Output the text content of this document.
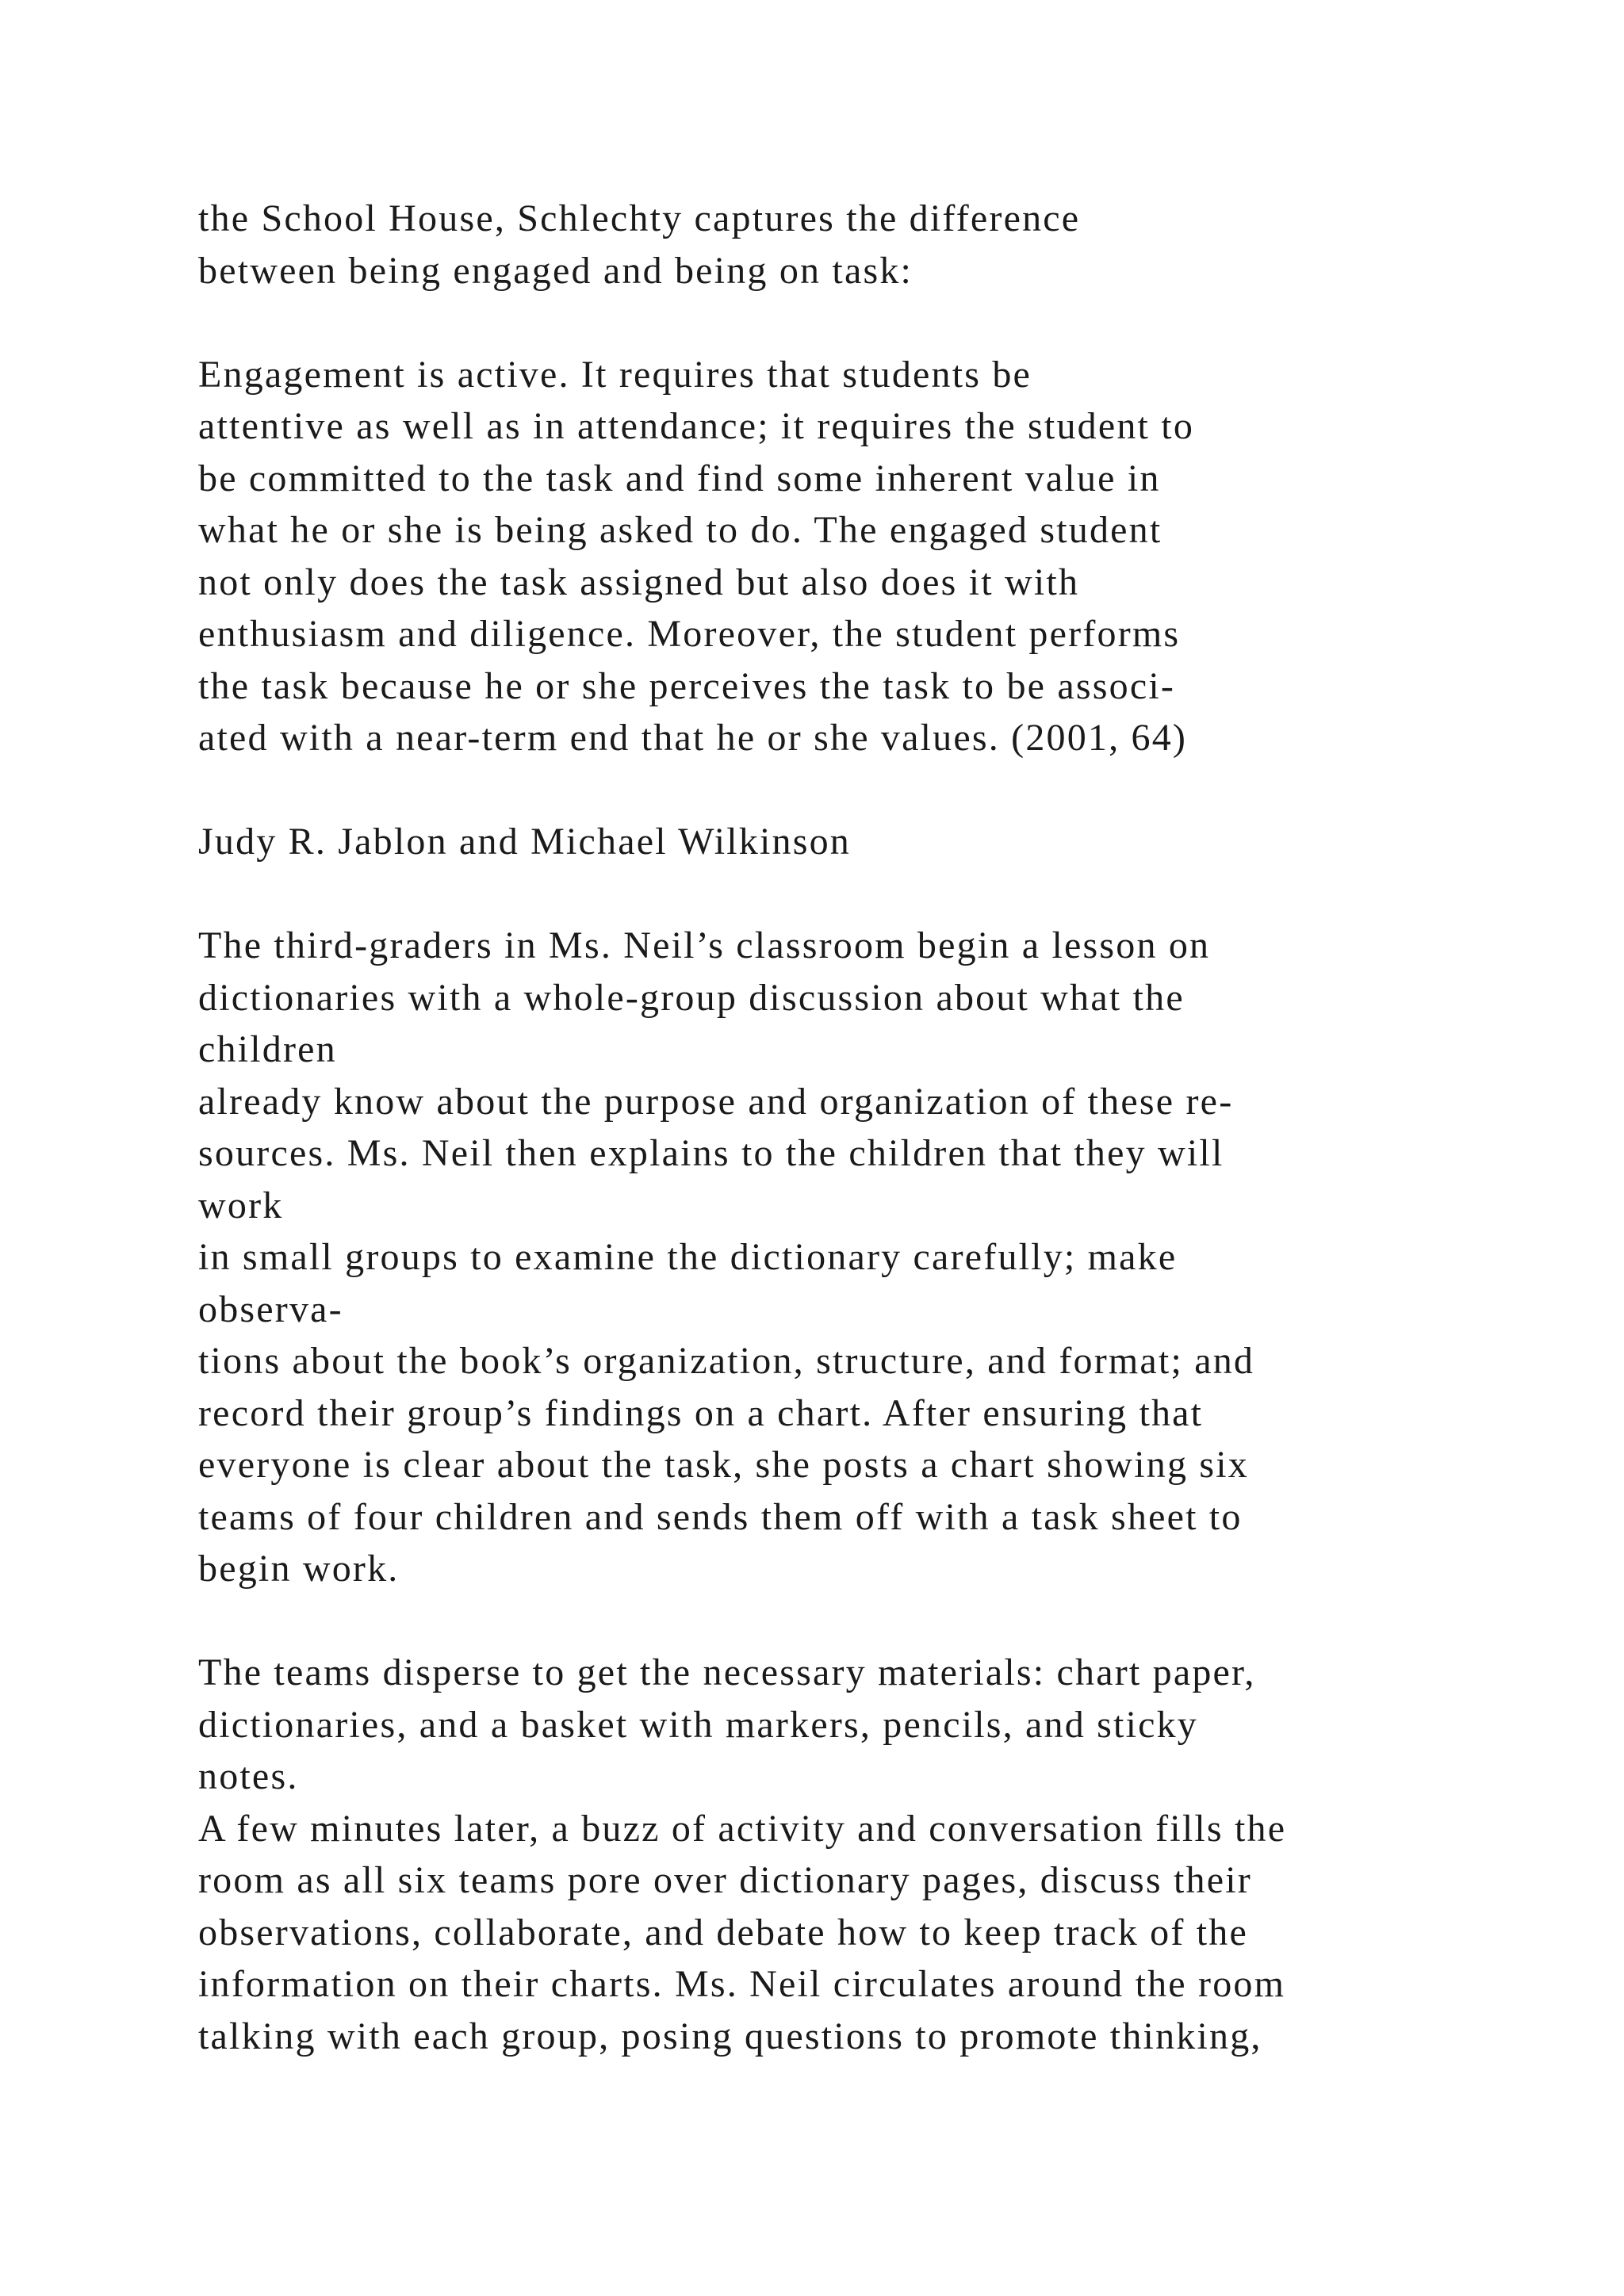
the School House, Schlechty captures the difference
between being engaged and being on task:
Engagement is active. It requires that students be
attentive as well as in attendance; it requires the student to
be committed to the task and find some inherent value in
what he or she is being asked to do. The engaged student
not only does the task assigned but also does it with
enthusiasm and diligence. Moreover, the student performs
the task because he or she perceives the task to be associ-
ated with a near-term end that he or she values. (2001, 64)
Judy R. Jablon and Michael Wilkinson
The third-graders in Ms. Neil’s classroom begin a lesson on
dictionaries with a whole-group discussion about what the
children
already know about the purpose and organization of these re-
sources. Ms. Neil then explains to the children that they will
work
in small groups to examine the dictionary carefully; make
observa-
tions about the book’s organization, structure, and format; and
record their group’s findings on a chart. After ensuring that
everyone is clear about the task, she posts a chart showing six
teams of four children and sends them off with a task sheet to
begin work.
The teams disperse to get the necessary materials: chart paper,
dictionaries, and a basket with markers, pencils, and sticky
notes.
A few minutes later, a buzz of activity and conversation fills the
room as all six teams pore over dictionary pages, discuss their
observations, collaborate, and debate how to keep track of the
information on their charts. Ms. Neil circulates around the room
talking with each group, posing questions to promote thinking,
